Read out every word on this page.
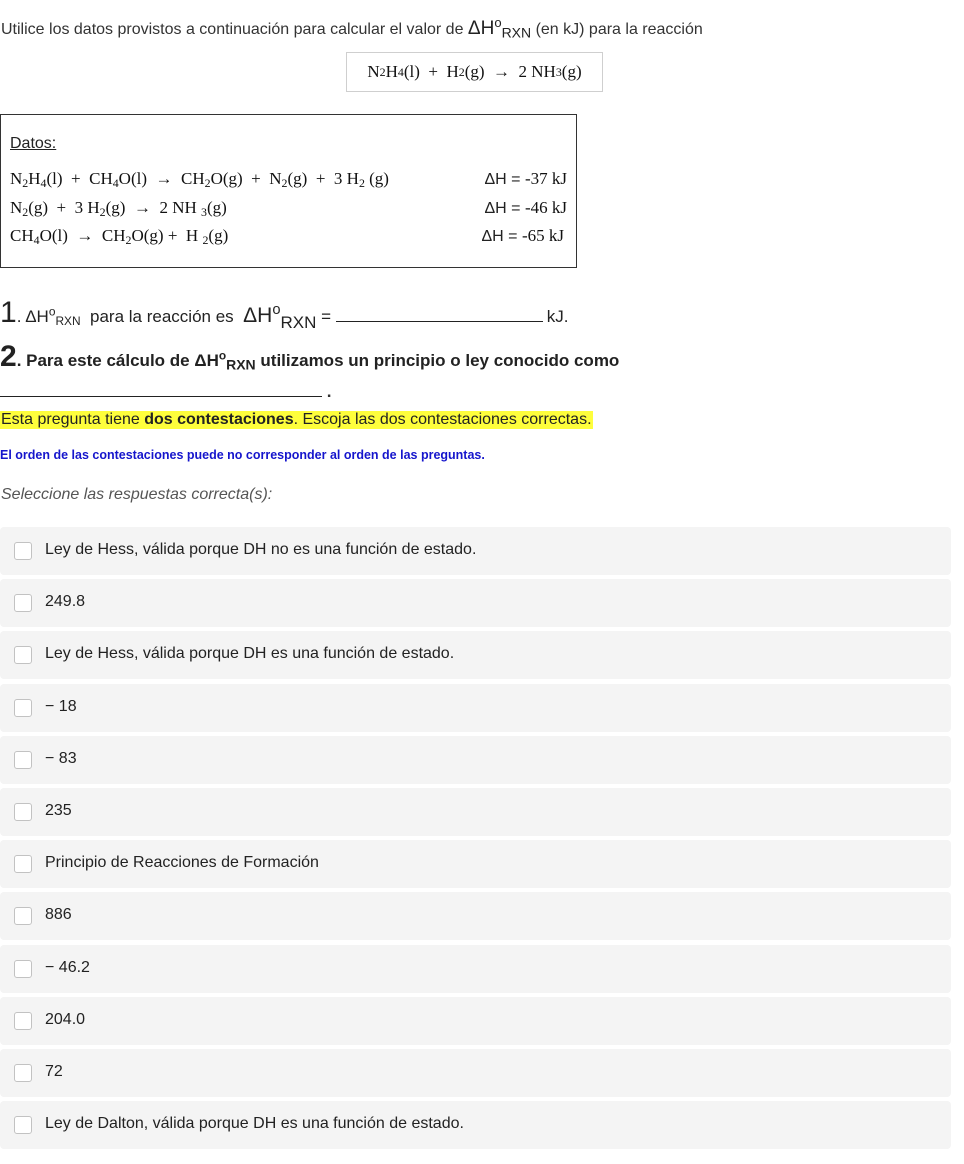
Utilice los datos provistos a continuación para calcular el valor de $\Delta H^o_{RXN}$ (en kJ) para la reacción
N 2 H 4 (l)  +  H 2 (g)  →  2 NH 3 (g)
Datos:
$N_2H_4(l) + CH_4O(l) \to CH_2O(g) + N_2(g) + 3$ $H_2$ (g)	ΔH = -37 kJ
$N_2(g) + 3$ $H_2(g) \to 2$ NH $_3$(g)	ΔH = -46 kJ
$CH_4O(l) \to CH_2O(g) + H$ $_2$(g)	ΔH = -65 kJ
1. $\Delta H^o_{RXN}$  para la reacción es  $\Delta H^o_{RXN}$ =	kJ.
2. Para este cálculo de $\Delta H^o_{RXN}$ utilizamos un principio o ley conocido como
.
Esta pregunta tiene dos contestaciones. Escoja las dos contestaciones correctas.
El orden de las contestaciones puede no corresponder al orden de las preguntas.
Seleccione las respuestas correcta(s):
Ley de Hess, válida porque DH no es una función de estado.
249.8
Ley de Hess, válida porque DH es una función de estado.
− 18
− 83
235
Principio de Reacciones de Formación
886
− 46.2
204.0
72
Ley de Dalton, válida porque DH es una función de estado.
